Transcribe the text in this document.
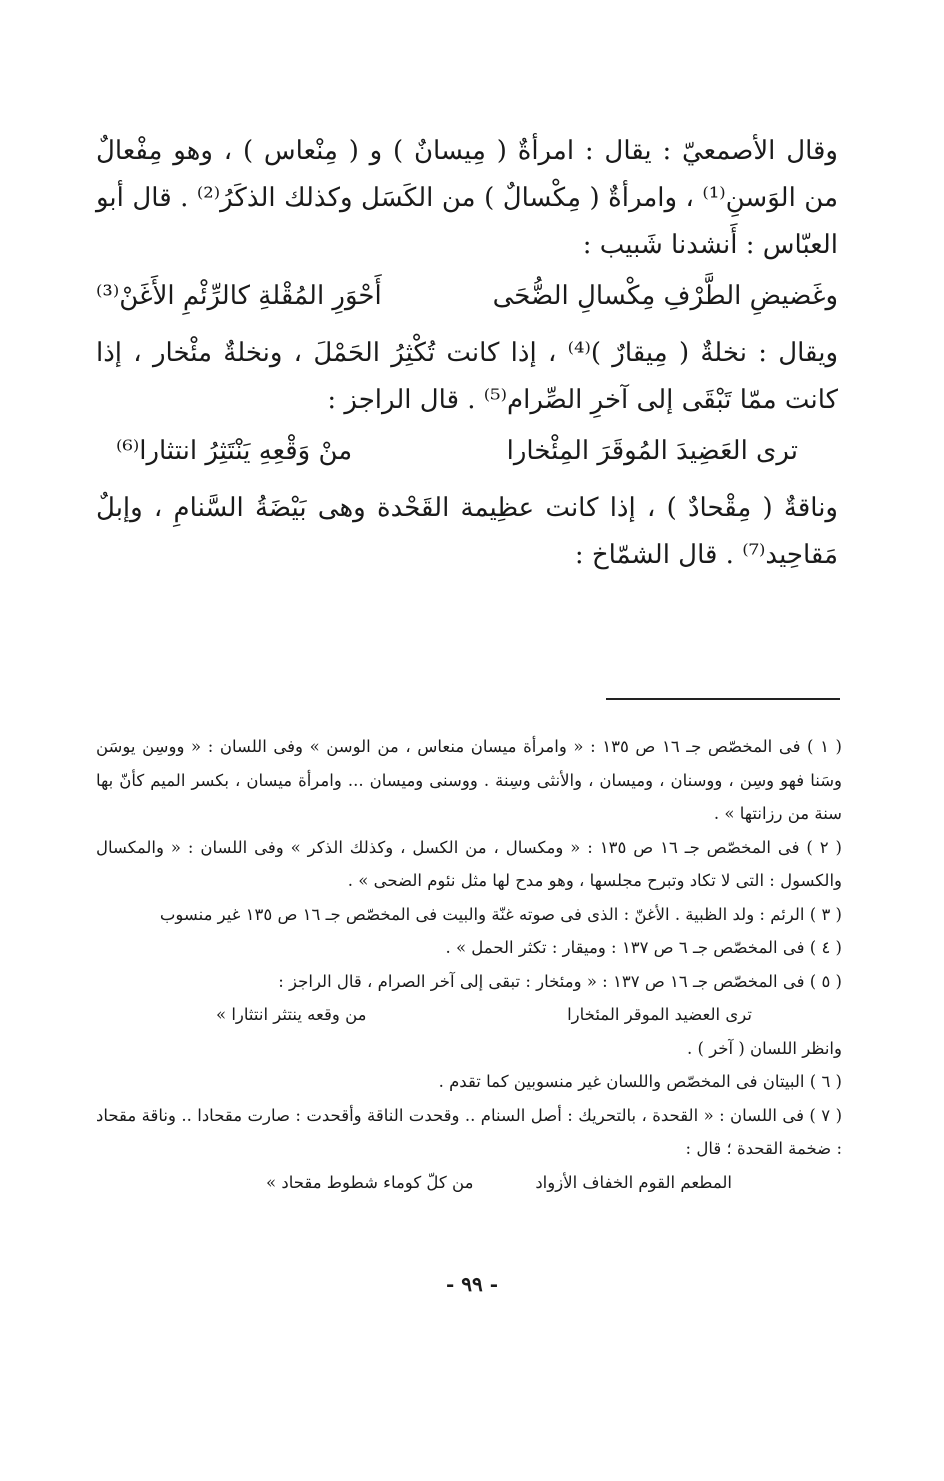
وقال الأصمعيّ : يقال : امرأةٌ ( مِيسانٌ ) و ( مِنْعاس ) ، وهو مِفْعالٌ من الوَسنِ⁽¹⁾ ، وامرأةٌ ( مِكْسالٌ ) من الكَسَل وكذلك الذكَرُ⁽²⁾ . قال أبو العبّاس : أَنشدنا شَبيب :

وغَضيضِ الطَّرْفِ مِكْسالِ الضُّحَى
أَحْوَرِ المُقْلةِ كالرِّئْمِ الأَغَنْ⁽³⁾

ويقال : نخلةٌ ( مِيقارٌ )⁽⁴⁾ ، إذا كانت تُكْثِرُ الحَمْلَ ، ونخلةٌ مئْخار ، إذا كانت ممّا تَبْقَى إلى آخرِ الصِّرام⁽⁵⁾ . قال الراجز :

ترى العَضِيدَ المُوقَرَ المِئْخارا
منْ وَقْعِهِ يَنْتَثِرُ انتثارا⁽⁶⁾

وناقةٌ ( مِقْحادٌ ) ، إذا كانت عظِيمة القَحْدة وهى بَيْضَةُ السَّنامِ ، وإبلٌ مَقاحِيد⁽⁷⁾ . قال الشمّاخ :

( ١ ) فى المخصّص جـ ١٦ ص ١٣٥ : « وامرأة ميسان منعاس ، من الوسن » وفى اللسان : « ووسِن يوسَن وسَنا فهو وسِن ، ووسنان ، وميسان ، والأنثى وسِنة . ووسنى وميسان ... وامرأة ميسان ، بكسر الميم كأنّ بها سنة من رزانتها » .

( ٢ ) فى المخصّص جـ ١٦ ص ١٣٥ : « ومكسال ، من الكسل ، وكذلك الذكر » وفى اللسان : « والمكسال والكسول : التى لا تكاد وتبرح مجلسها ، وهو مدح لها مثل نئوم الضحى » .

( ٣ ) الرئم : ولد الظبية . الأغنّ : الذى فى صوته غنّة والبيت فى المخصّص جـ ١٦ ص ١٣٥ غير منسوب

( ٤ ) فى المخصّص جـ ٦ ص ١٣٧ : وميقار : تكثر الحمل » .

( ٥ ) فى المخصّص جـ ١٦ ص ١٣٧ : « ومئخار : تبقى إلى آخر الصرام ، قال الراجز :

ترى العضيد الموقر المئخارا
من وقعه ينتثر انتثارا »

وانظر اللسان ( آخر ) .

( ٦ ) البيتان فى المخصّص واللسان غير منسوبين كما تقدم .

( ٧ ) فى اللسان : « القحدة ، بالتحريك : أصل السنام .. وقحدت الناقة وأقحدت : صارت مقحادا .. وناقة مقحاد : ضخمة القحدة ؛ قال :

المطعم القوم الخفاف الأزواد
من كلّ كوماء شطوط مقحاد »
- ٩٩ -
